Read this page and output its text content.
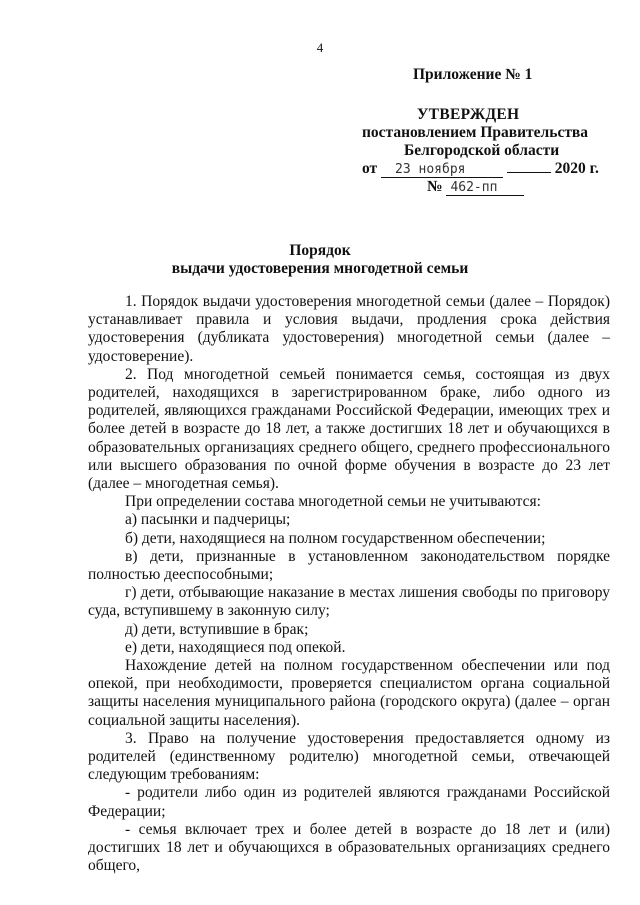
4
Приложение № 1
УТВЕРЖДЕН
постановлением Правительства
Белгородской области
от 23 ноября	2020 г.
№ 462-пп
Порядок
выдачи удостоверения многодетной семьи

1. Порядок выдачи удостоверения многодетной семьи (далее – Порядок) устанавливает правила и условия выдачи, продления срока действия удостоверения (дубликата удостоверения) многодетной семьи (далее – удостоверение).

2. Под многодетной семьей понимается семья, состоящая из двух родителей, находящихся в зарегистрированном браке, либо одного из родителей, являющихся гражданами Российской Федерации, имеющих трех и более детей в возрасте до 18 лет, а также достигших 18 лет и обучающихся в образовательных организациях среднего общего, среднего профессионального или высшего образования по очной форме обучения в возрасте до 23 лет (далее – многодетная семья).

При определении состава многодетной семьи не учитываются:

а) пасынки и падчерицы;

б) дети, находящиеся на полном государственном обеспечении;

в) дети, признанные в установленном законодательством порядке полностью дееспособными;

г) дети, отбывающие наказание в местах лишения свободы по приговору суда, вступившему в законную силу;

д) дети, вступившие в брак;

е) дети, находящиеся под опекой.

Нахождение детей на полном государственном обеспечении или под опекой, при необходимости, проверяется специалистом органа социальной защиты населения муниципального района (городского округа) (далее – орган социальной защиты населения).

3. Право на получение удостоверения предоставляется одному из родителей (единственному родителю) многодетной семьи, отвечающей следующим требованиям:

- родители либо один из родителей являются гражданами Российской Федерации;

- семья включает трех и более детей в возрасте до 18 лет и (или) достигших 18 лет и обучающихся в образовательных организациях среднего общего,
